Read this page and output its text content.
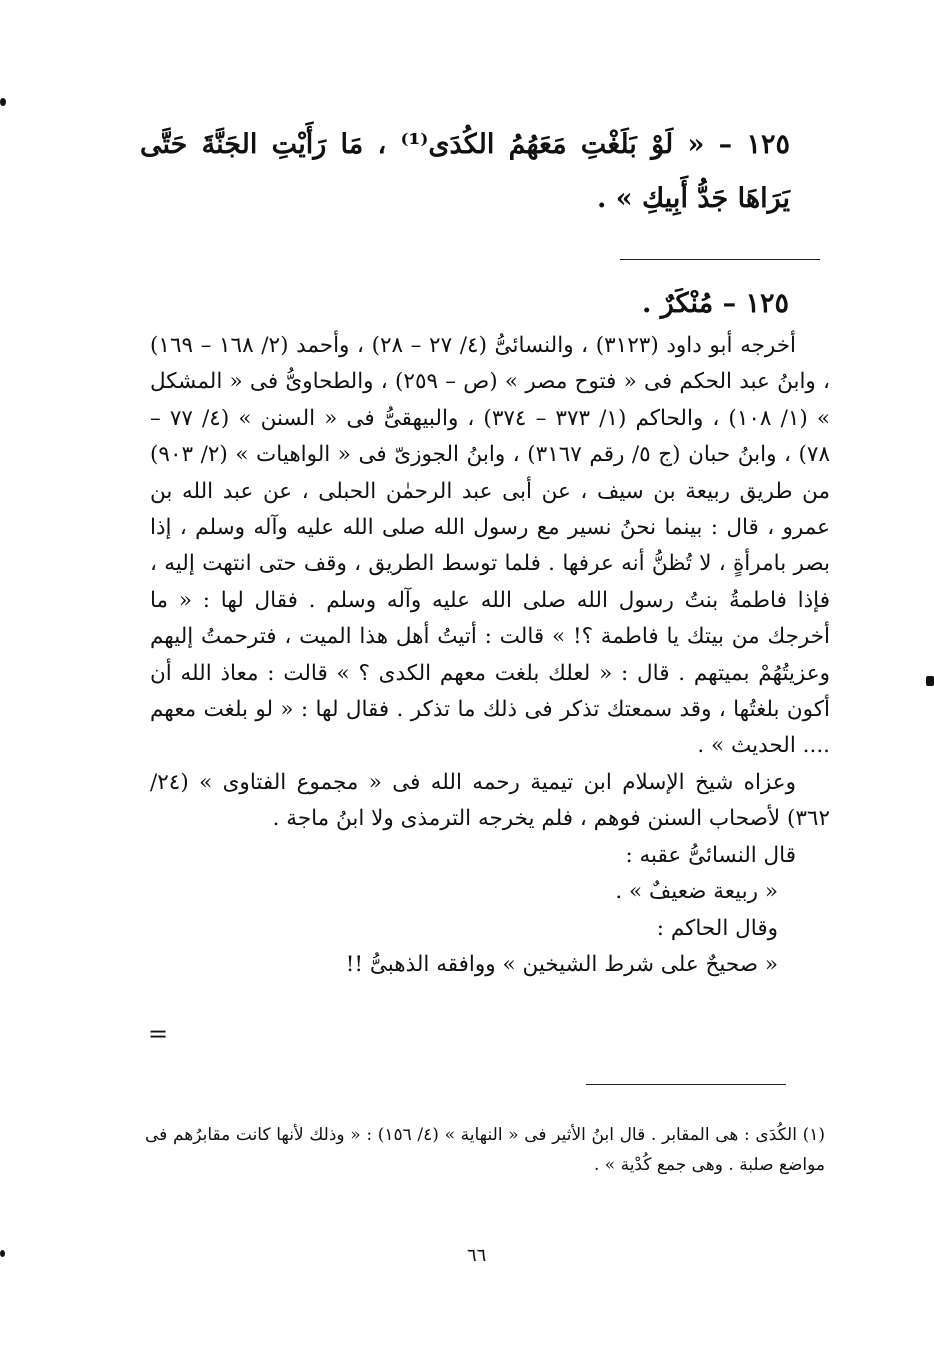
١٢٥ – « لَوْ بَلَغْتِ مَعَهُمُ الكُدَى⁽¹⁾ ، مَا رَأَيْتِ الجَنَّةَ حَتَّى يَرَاهَا جَدُّ أَبِيكِ » .
١٢٥ – مُنْكَرٌ .

أخرجه أبو داود (٣١٢٣) ، والنسائىُّ (٤/ ٢٧ – ٢٨) ، وأحمد (٢/ ١٦٨ – ١٦٩) ، وابنُ عبد الحكم فى « فتوح مصر » (ص – ٢٥٩) ، والطحاوىُّ فى « المشكل » (١/ ١٠٨) ، والحاكم (١/ ٣٧٣ – ٣٧٤) ، والبيهقىُّ فى « السنن » (٤/ ٧٧ – ٧٨) ، وابنُ حبان (ج ٥/ رقم ٣١٦٧) ، وابنُ الجوزىّ فى « الواهيات » (٢/ ٩٠٣) من طريق ربيعة بن سيف ، عن أبى عبد الرحمٰن الحبلى ، عن عبد الله بن عمرو ، قال : بينما نحنُ نسير مع رسول الله صلى الله عليه وآله وسلم ، إذا بصر بامرأةٍ ، لا تُظنُّ أنه عرفها . فلما توسط الطريق ، وقف حتى انتهت إليه ، فإذا فاطمةُ بنتُ رسول الله صلى الله عليه وآله وسلم . فقال لها : « ما أخرجك من بيتك يا فاطمة ؟! » قالت : أتيتُ أهل هذا الميت ، فترحمتُ إليهم وعزيتُهُمْ بميتهم . قال : « لعلك بلغت معهم الكدى ؟ » قالت : معاذ الله أن أكون بلغتُها ، وقد سمعتك تذكر فى ذلك ما تذكر . فقال لها : « لو بلغت معهم .... الحديث » .

وعزاه شيخ الإسلام ابن تيمية رحمه الله فى « مجموع الفتاوى » (٢٤/ ٣٦٢) لأصحاب السنن فوهم ، فلم يخرجه الترمذى ولا ابنُ ماجة .

قال النسائىُّ عقبه :

« ربيعة ضعيفٌ » .

وقال الحاكم :

« صحيحٌ على شرط الشيخين » ووافقه الذهبىُّ !!

=
(١) الكُدَى : هى المقابر . قال ابنُ الأثير فى « النهاية » (٤/ ١٥٦) : « وذلك لأنها كانت مقابرُهم فى مواضع صلبة . وهى جمع كُدْية » .
٦٦
